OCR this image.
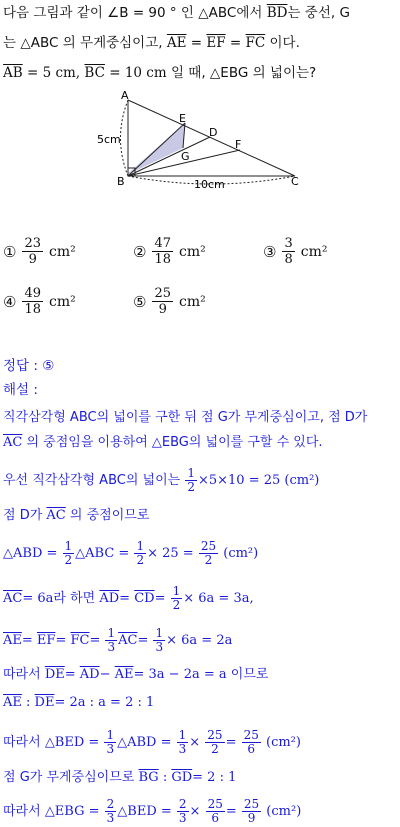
다음 그림과 같이 ∠B = 90 ° 인 △ABC에서 $\overline{BD}$는 중선, G
는 △ABC 의 무게중심이고, $\overline{AE} = \overline{EF} = \overline{FC}$ 이다.
$\overline{AB} = 5$ cm, $\overline{BC} = 10$ cm 일 때, △EBG 의 넓이는?
A
B	C
D
E
F
G
5cm
10cm
① $\frac{23}{9} cm^2$	② $\frac{47}{18} cm^2$	③ $\frac{3}{8} cm^2$
④ $\frac{49}{18} cm^2$	⑤ $\frac{25}{9} cm^2$
정답 : ⑤
해설 :
직각삼각형 ABC의 넓이를 구한 뒤 점 G가 무게중심이고, 점 D가
$\overline{AC}$ 의 중점임을 이용하여 △EBG의 넓이를 구할 수 있다.
우선 직각삼각형 ABC의 넓이는 $\frac{1}{2} \times 5\times 10 = 25$ (cm²)
점 D가 $\overline{AC}$ 의 중점이므로
△ABD = $\frac{1}{2}$ △ABC = $\frac{1}{2} \times 25 = \frac{25}{2} (cm^2)$
$\overline{AC}= 6a$라 하면 $\overline{AD}= \overline{CD}= \frac{1}{2} \times 6a = 3a$,
$\overline{AE}= \overline{EF}= \overline{FC}= \frac{1}{3} \overline{AC}= \frac{1}{3} \times 6a = 2a$
따라서 $\overline{DE}= \overline{AD}- \overline{AE}= 3a - 2a = a$ 이므로
$\overline{AE}$ : $\overline{DE}= 2a$ : a = 2 : 1
따라서 △BED = $\frac{1}{3}$ △ABD = $\frac{1}{3} \times \frac{25}{2} = \frac{25}{6} (cm^2)$
점 G가 무게중심이므로 $\overline{BG}$ : $\overline{GD}= 2$ : 1
따라서 △EBG = $\frac{2}{3}$ △BED = $\frac{2}{3} \times \frac{25}{6} = \frac{25}{9} (cm^2)$
